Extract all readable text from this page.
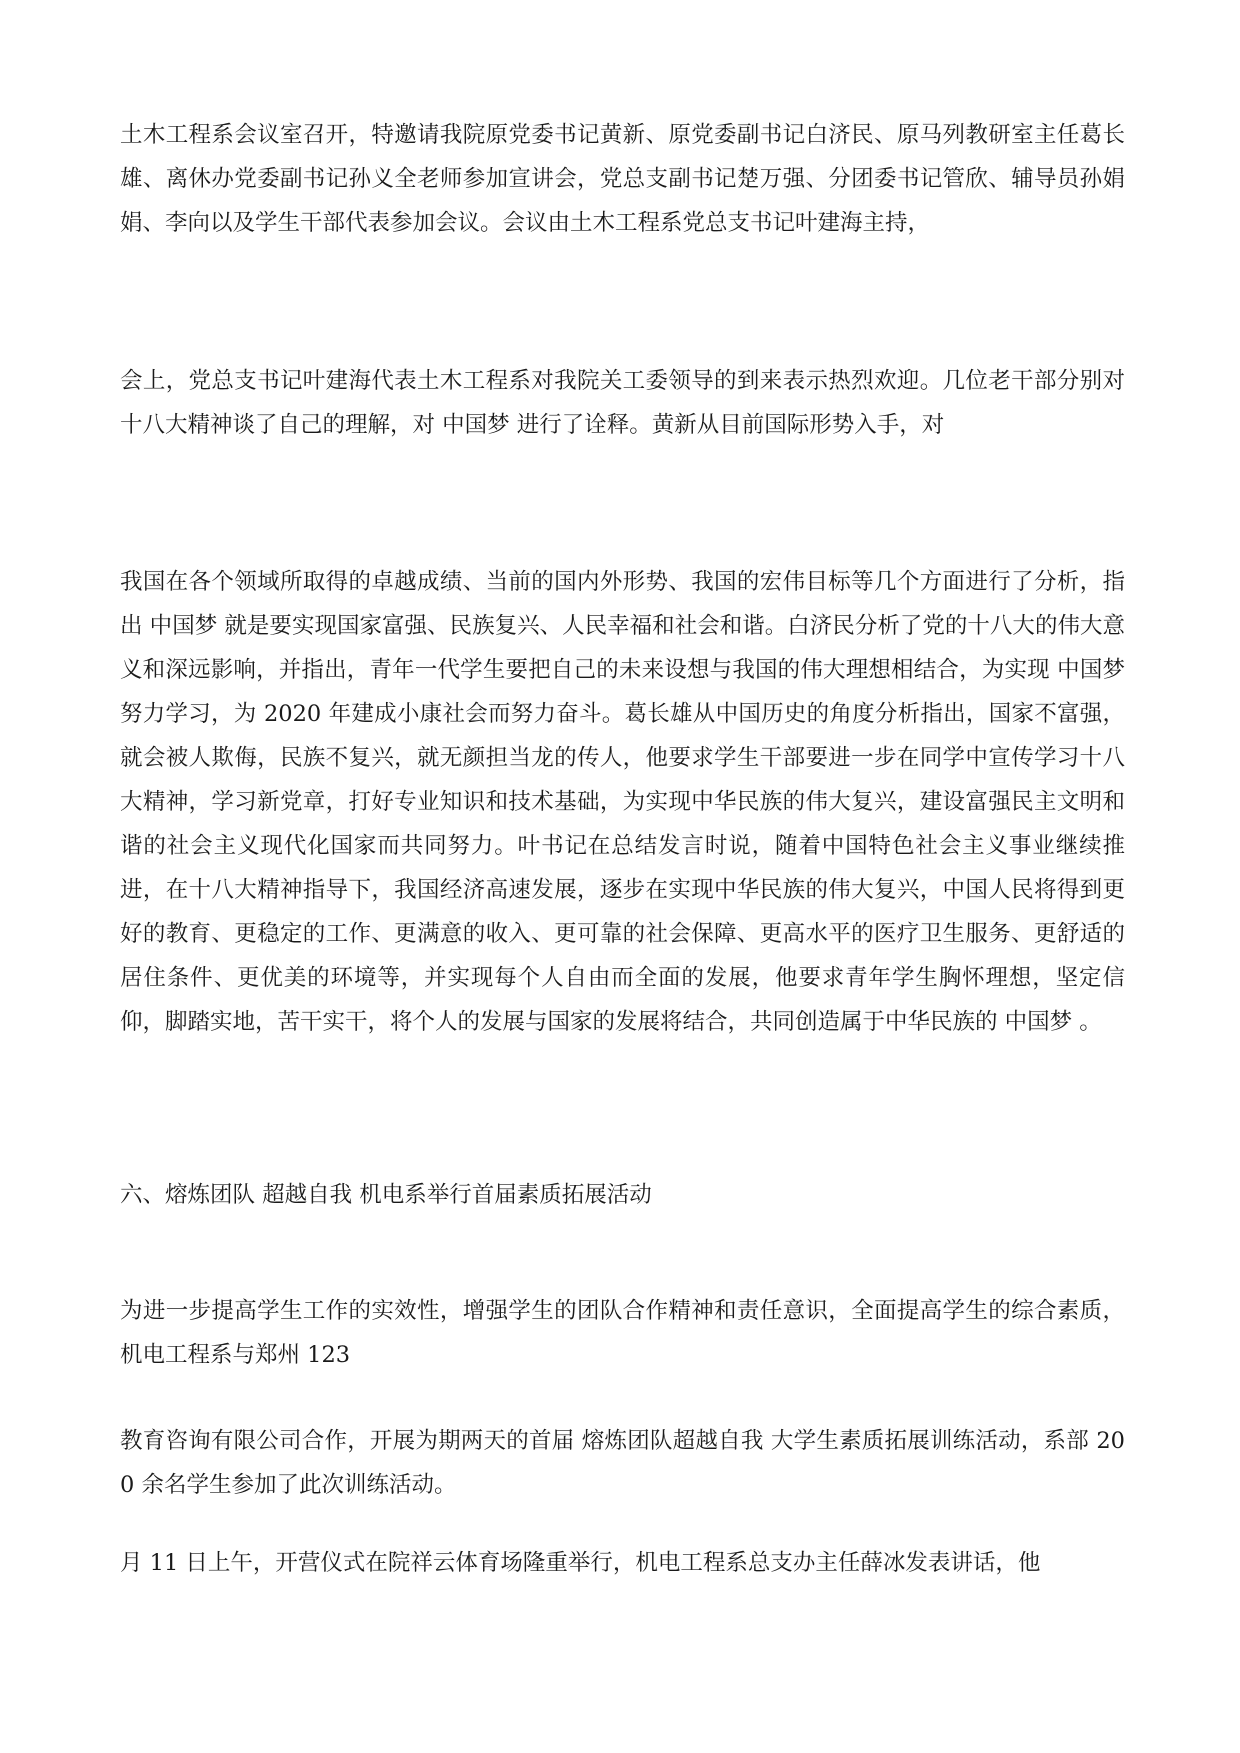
土木工程系会议室召开，特邀请我院原党委书记黄新、原党委副书记白济民、原马列教研室主任葛长雄、离休办党委副书记孙义全老师参加宣讲会，党总支副书记楚万强、分团委书记管欣、辅导员孙娟娟、李向以及学生干部代表参加会议。会议由土木工程系党总支书记叶建海主持，

会上，党总支书记叶建海代表土木工程系对我院关工委领导的到来表示热烈欢迎。几位老干部分别对十八大精神谈了自己的理解，对 中国梦 进行了诠释。黄新从目前国际形势入手，对

我国在各个领域所取得的卓越成绩、当前的国内外形势、我国的宏伟目标等几个方面进行了分析，指出 中国梦 就是要实现国家富强、民族复兴、人民幸福和社会和谐。白济民分析了党的十八大的伟大意义和深远影响，并指出，青年一代学生要把自己的未来设想与我国的伟大理想相结合，为实现 中国梦 努力学习，为 2020 年建成小康社会而努力奋斗。葛长雄从中国历史的角度分析指出，国家不富强，就会被人欺侮，民族不复兴，就无颜担当龙的传人，他要求学生干部要进一步在同学中宣传学习十八大精神，学习新党章，打好专业知识和技术基础，为实现中华民族的伟大复兴，建设富强民主文明和谐的社会主义现代化国家而共同努力。叶书记在总结发言时说，随着中国特色社会主义事业继续推进，在十八大精神指导下，我国经济高速发展，逐步在实现中华民族的伟大复兴，中国人民将得到更好的教育、更稳定的工作、更满意的收入、更可靠的社会保障、更高水平的医疗卫生服务、更舒适的居住条件、更优美的环境等，并实现每个人自由而全面的发展，他要求青年学生胸怀理想，坚定信仰，脚踏实地，苦干实干，将个人的发展与国家的发展将结合，共同创造属于中华民族的 中国梦 。

六、熔炼团队 超越自我 机电系举行首届素质拓展活动

为进一步提高学生工作的实效性，增强学生的团队合作精神和责任意识，全面提高学生的综合素质，机电工程系与郑州 123

教育咨询有限公司合作，开展为期两天的首届 熔炼团队超越自我 大学生素质拓展训练活动，系部 200 余名学生参加了此次训练活动。

月 11 日上午，开营仪式在院祥云体育场隆重举行，机电工程系总支办主任薛冰发表讲话，他
